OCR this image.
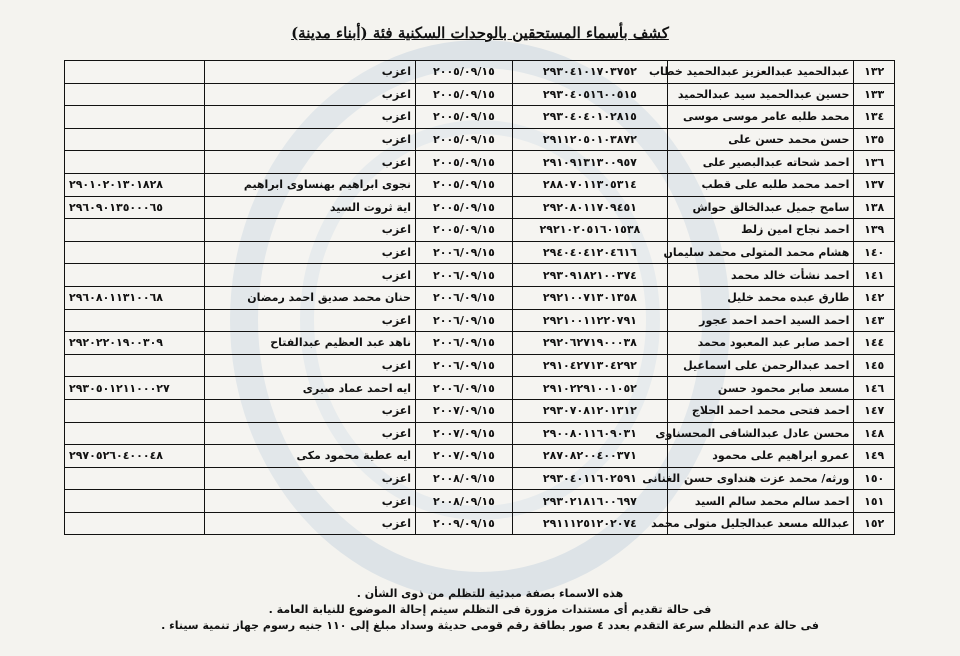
كشف بأسماء المستحقين بالوحدات السكنية فئة (أبناء مدينة)
١٣٢	عبدالحميد عبدالعزيز عبدالحميد خطاب	٢٩٣٠٤١٠١٧٠٣٧٥٢	٢٠٠٥/٠٩/١٥	اعزب	
١٣٣	حسين عبدالحميد سيد عبدالحميد	٢٩٣٠٤٠٥١٦٠٠٥١٥	٢٠٠٥/٠٩/١٥	اعزب	
١٣٤	محمد طلبه عامر موسى موسى	٢٩٣٠٤٠٤٠١٠٢٨١٥	٢٠٠٥/٠٩/١٥	اعزب	
١٣٥	حسن محمد حسن على	٢٩١١٢٠٥٠١٠٣٨٧٢	٢٠٠٥/٠٩/١٥	اعزب	
١٣٦	احمد شحاته عبدالبصير على	٢٩١٠٩١٣١٣٠٠٩٥٧	٢٠٠٥/٠٩/١٥	اعزب	
١٣٧	احمد محمد طلبه على قطب	٢٨٨٠٧٠١١٣٠٥٣١٤	٢٠٠٥/٠٩/١٥	نجوى ابراهيم بهنساوى ابراهيم	٢٩٠١٠٢٠١٣٠١٨٢٨
١٣٨	سامح جميل عبدالخالق حواش	٢٩٢٠٨٠١١٧٠٩٤٥١	٢٠٠٥/٠٩/١٥	اية ثروت السيد	٢٩٦٠٩٠١٣٥٠٠٠٦٥
١٣٩	احمد نجاح امين زلط	٢٩٢١٠٢٠٥١٦٠١٥٣٨	٢٠٠٥/٠٩/١٥	اعزب	
١٤٠	هشام محمد المتولى محمد سليمان	٢٩٤٠٤٠٤١٢٠٤٦١٦	٢٠٠٦/٠٩/١٥	اعزب	
١٤١	احمد نشأت خالد محمد	٢٩٣٠٩١٨٢١٠٠٣٧٤	٢٠٠٦/٠٩/١٥	اعزب	
١٤٢	طارق عبده محمد خليل	٢٩٢١٠٠٧١٣٠١٣٥٨	٢٠٠٦/٠٩/١٥	حنان محمد صديق احمد رمضان	٢٩٦٠٨٠١١٣١٠٠٦٨
١٤٣	احمد السيد احمد احمد عجور	٢٩٢١٠٠١١٢٢٠٧٩١	٢٠٠٦/٠٩/١٥	اعزب	
١٤٤	احمد صابر عبد المعبود محمد	٢٩٢٠٦٢٧١٩٠٠٠٣٨	٢٠٠٦/٠٩/١٥	ناهد عبد العظيم عبدالفتاح	٢٩٢٠٢٢٠١٩٠٠٣٠٩
١٤٥	احمد عبدالرحمن على اسماعيل	٢٩١٠٤٢٧١٣٠٤٢٩٢	٢٠٠٦/٠٩/١٥	اعزب	
١٤٦	مسعد صابر محمود حسن	٢٩١٠٢٢٩١٠٠١٠٥٢	٢٠٠٦/٠٩/١٥	ايه احمد عماد صبرى	٢٩٣٠٥٠١٢١١٠٠٠٢٧
١٤٧	احمد فتحى محمد احمد الحلاج	٢٩٣٠٧٠٨١٢٠١٣١٢	٢٠٠٧/٠٩/١٥	اعزب	
١٤٨	محسن عادل عبدالشافى المحسناوى	٢٩٠٠٨٠١١٦٠٩٠٣١	٢٠٠٧/٠٩/١٥	اعزب	
١٤٩	عمرو ابراهيم على محمود	٢٨٧٠٨٢٠٠٤٠٠٣٧١	٢٠٠٧/٠٩/١٥	ايه عطية محمود مكى	٢٩٧٠٥٢٦٠٤٠٠٠٤٨
١٥٠	ورثه/ محمد عزت هنداوى حسن الغنانى	٢٩٣٠٤٠١١٦٠٢٥٩١	٢٠٠٨/٠٩/١٥	اعزب	
١٥١	احمد سالم محمد سالم السيد	٢٩٣٠٢١٨١٦٠٠٦٩٧	٢٠٠٨/٠٩/١٥	اعزب	
١٥٢	عبدالله مسعد عبدالجليل متولى محمد	٢٩١١١٢٥١٢٠٢٠٧٤	٢٠٠٩/٠٩/١٥	اعزب	
هذه الاسماء بصفة مبدئية للتظلم من ذوى الشأن .
فى حالة تقديم أى مستندات مزورة فى التظلم سيتم إحالة الموضوع للنيابة العامة .
فى حالة عدم التظلم سرعة التقدم بعدد ٤ صور بطاقة رقم قومى حديثة وسداد مبلغ إلى ١١٠ جنيه رسوم جهاز تنمية سيناء .
